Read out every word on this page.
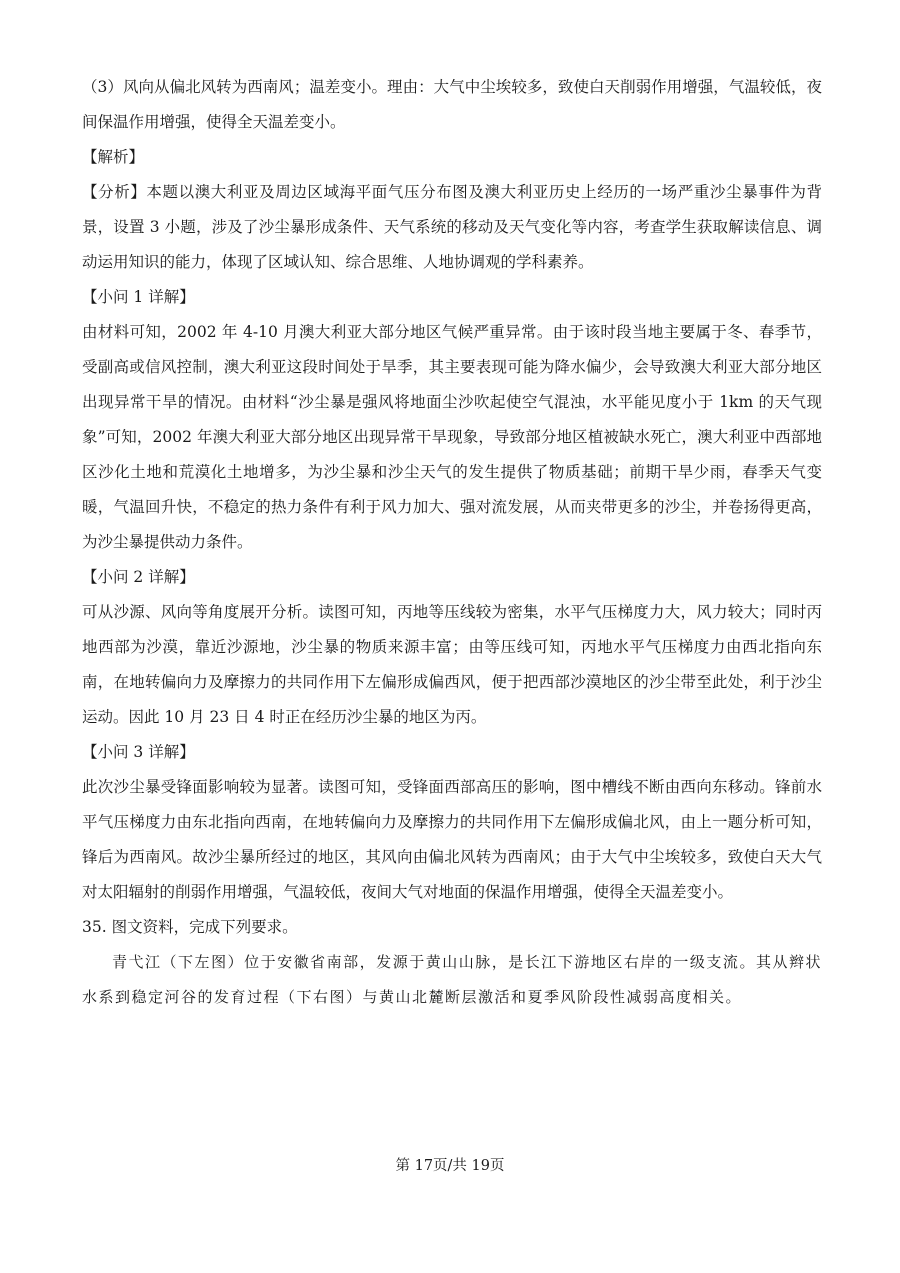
（3）风向从偏北风转为西南风；温差变小。理由：大气中尘埃较多，致使白天削弱作用增强，气温较低，夜间保温作用增强，使得全天温差变小。

【解析】

【分析】本题以澳大利亚及周边区域海平面气压分布图及澳大利亚历史上经历的一场严重沙尘暴事件为背景，设置 3 小题，涉及了沙尘暴形成条件、天气系统的移动及天气变化等内容，考查学生获取解读信息、调动运用知识的能力，体现了区域认知、综合思维、人地协调观的学科素养。

【小问 1 详解】

由材料可知，2002 年 4-10 月澳大利亚大部分地区气候严重异常。由于该时段当地主要属于冬、春季节，受副高或信风控制，澳大利亚这段时间处于旱季，其主要表现可能为降水偏少，会导致澳大利亚大部分地区出现异常干旱的情况。由材料“沙尘暴是强风将地面尘沙吹起使空气混浊，水平能见度小于 1km 的天气现象”可知，2002 年澳大利亚大部分地区出现异常干旱现象，导致部分地区植被缺水死亡，澳大利亚中西部地区沙化土地和荒漠化土地增多，为沙尘暴和沙尘天气的发生提供了物质基础；前期干旱少雨，春季天气变暖，气温回升快，不稳定的热力条件有利于风力加大、强对流发展，从而夹带更多的沙尘，并卷扬得更高，为沙尘暴提供动力条件。

【小问 2 详解】

可从沙源、风向等角度展开分析。读图可知，丙地等压线较为密集，水平气压梯度力大，风力较大；同时丙地西部为沙漠，靠近沙源地，沙尘暴的物质来源丰富；由等压线可知，丙地水平气压梯度力由西北指向东南，在地转偏向力及摩擦力的共同作用下左偏形成偏西风，便于把西部沙漠地区的沙尘带至此处，利于沙尘运动。因此 10 月 23 日 4 时正在经历沙尘暴的地区为丙。

【小问 3 详解】

此次沙尘暴受锋面影响较为显著。读图可知，受锋面西部高压的影响，图中槽线不断由西向东移动。锋前水平气压梯度力由东北指向西南，在地转偏向力及摩擦力的共同作用下左偏形成偏北风，由上一题分析可知，锋后为西南风。故沙尘暴所经过的地区，其风向由偏北风转为西南风；由于大气中尘埃较多，致使白天大气对太阳辐射的削弱作用增强，气温较低，夜间大气对地面的保温作用增强，使得全天温差变小。

35. 图文资料，完成下列要求。

青弋江（下左图）位于安徽省南部，发源于黄山山脉，是长江下游地区右岸的一级支流。其从辫状水系到稳定河谷的发育过程（下右图）与黄山北麓断层激活和夏季风阶段性减弱高度相关。

第 17页/共 19页
